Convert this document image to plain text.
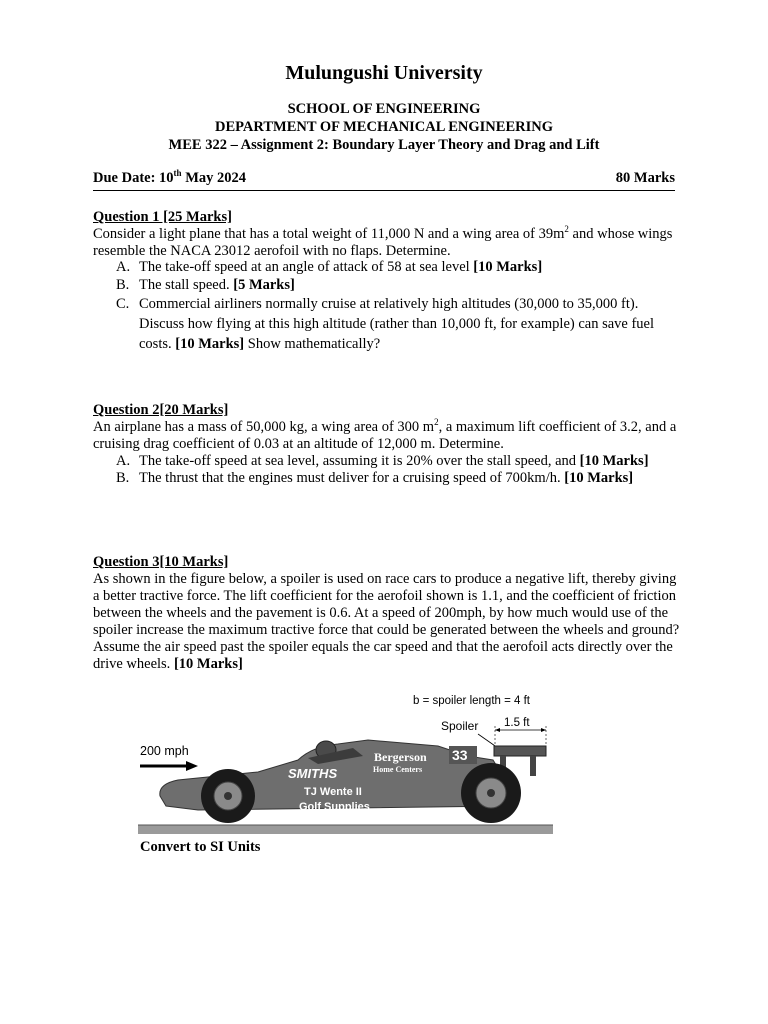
Mulungushi University
SCHOOL OF ENGINEERING
DEPARTMENT OF MECHANICAL ENGINEERING
MEE 322 – Assignment 2: Boundary Layer Theory and Drag and Lift
Due Date: 10th May 2024	80 Marks
Question 1 [25 Marks]
Consider a light plane that has a total weight of 11,000 N and a wing area of $39m^2$ and whose wings resemble the NACA 23012 aerofoil with no flaps. Determine.
A. The take-off speed at an angle of attack of 58 at sea level [10 Marks]
B. The stall speed. [5 Marks]
C. Commercial airliners normally cruise at relatively high altitudes (30,000 to 35,000 ft). Discuss how flying at this high altitude (rather than 10,000 ft, for example) can save fuel costs. [10 Marks] Show mathematically?
Question 2[20 Marks]
An airplane has a mass of 50,000 kg, a wing area of 300 $m^2$, a maximum lift coefficient of 3.2, and a cruising drag coefficient of 0.03 at an altitude of 12,000 m. Determine.
A. The take-off speed at sea level, assuming it is 20% over the stall speed, and [10 Marks]
B. The thrust that the engines must deliver for a cruising speed of 700km/h. [10 Marks]
Question 3[10 Marks]
As shown in the figure below, a spoiler is used on race cars to produce a negative lift, thereby giving a better tractive force. The lift coefficient for the aerofoil shown is 1.1, and the coefficient of friction between the wheels and the pavement is 0.6. At a speed of 200mph, by how much would use of the spoiler increase the maximum tractive force that could be generated between the wheels and ground? Assume the air speed past the spoiler equals the car speed and that the aerofoil acts directly over the drive wheels. [10 Marks]
b = spoiler length = 4 ft
Spoiler 1.5 ft
200 mph	33
Bergerson
Home Centers
SMITHS
TJ Wente II
Golf Supplies
Convert to SI Units
